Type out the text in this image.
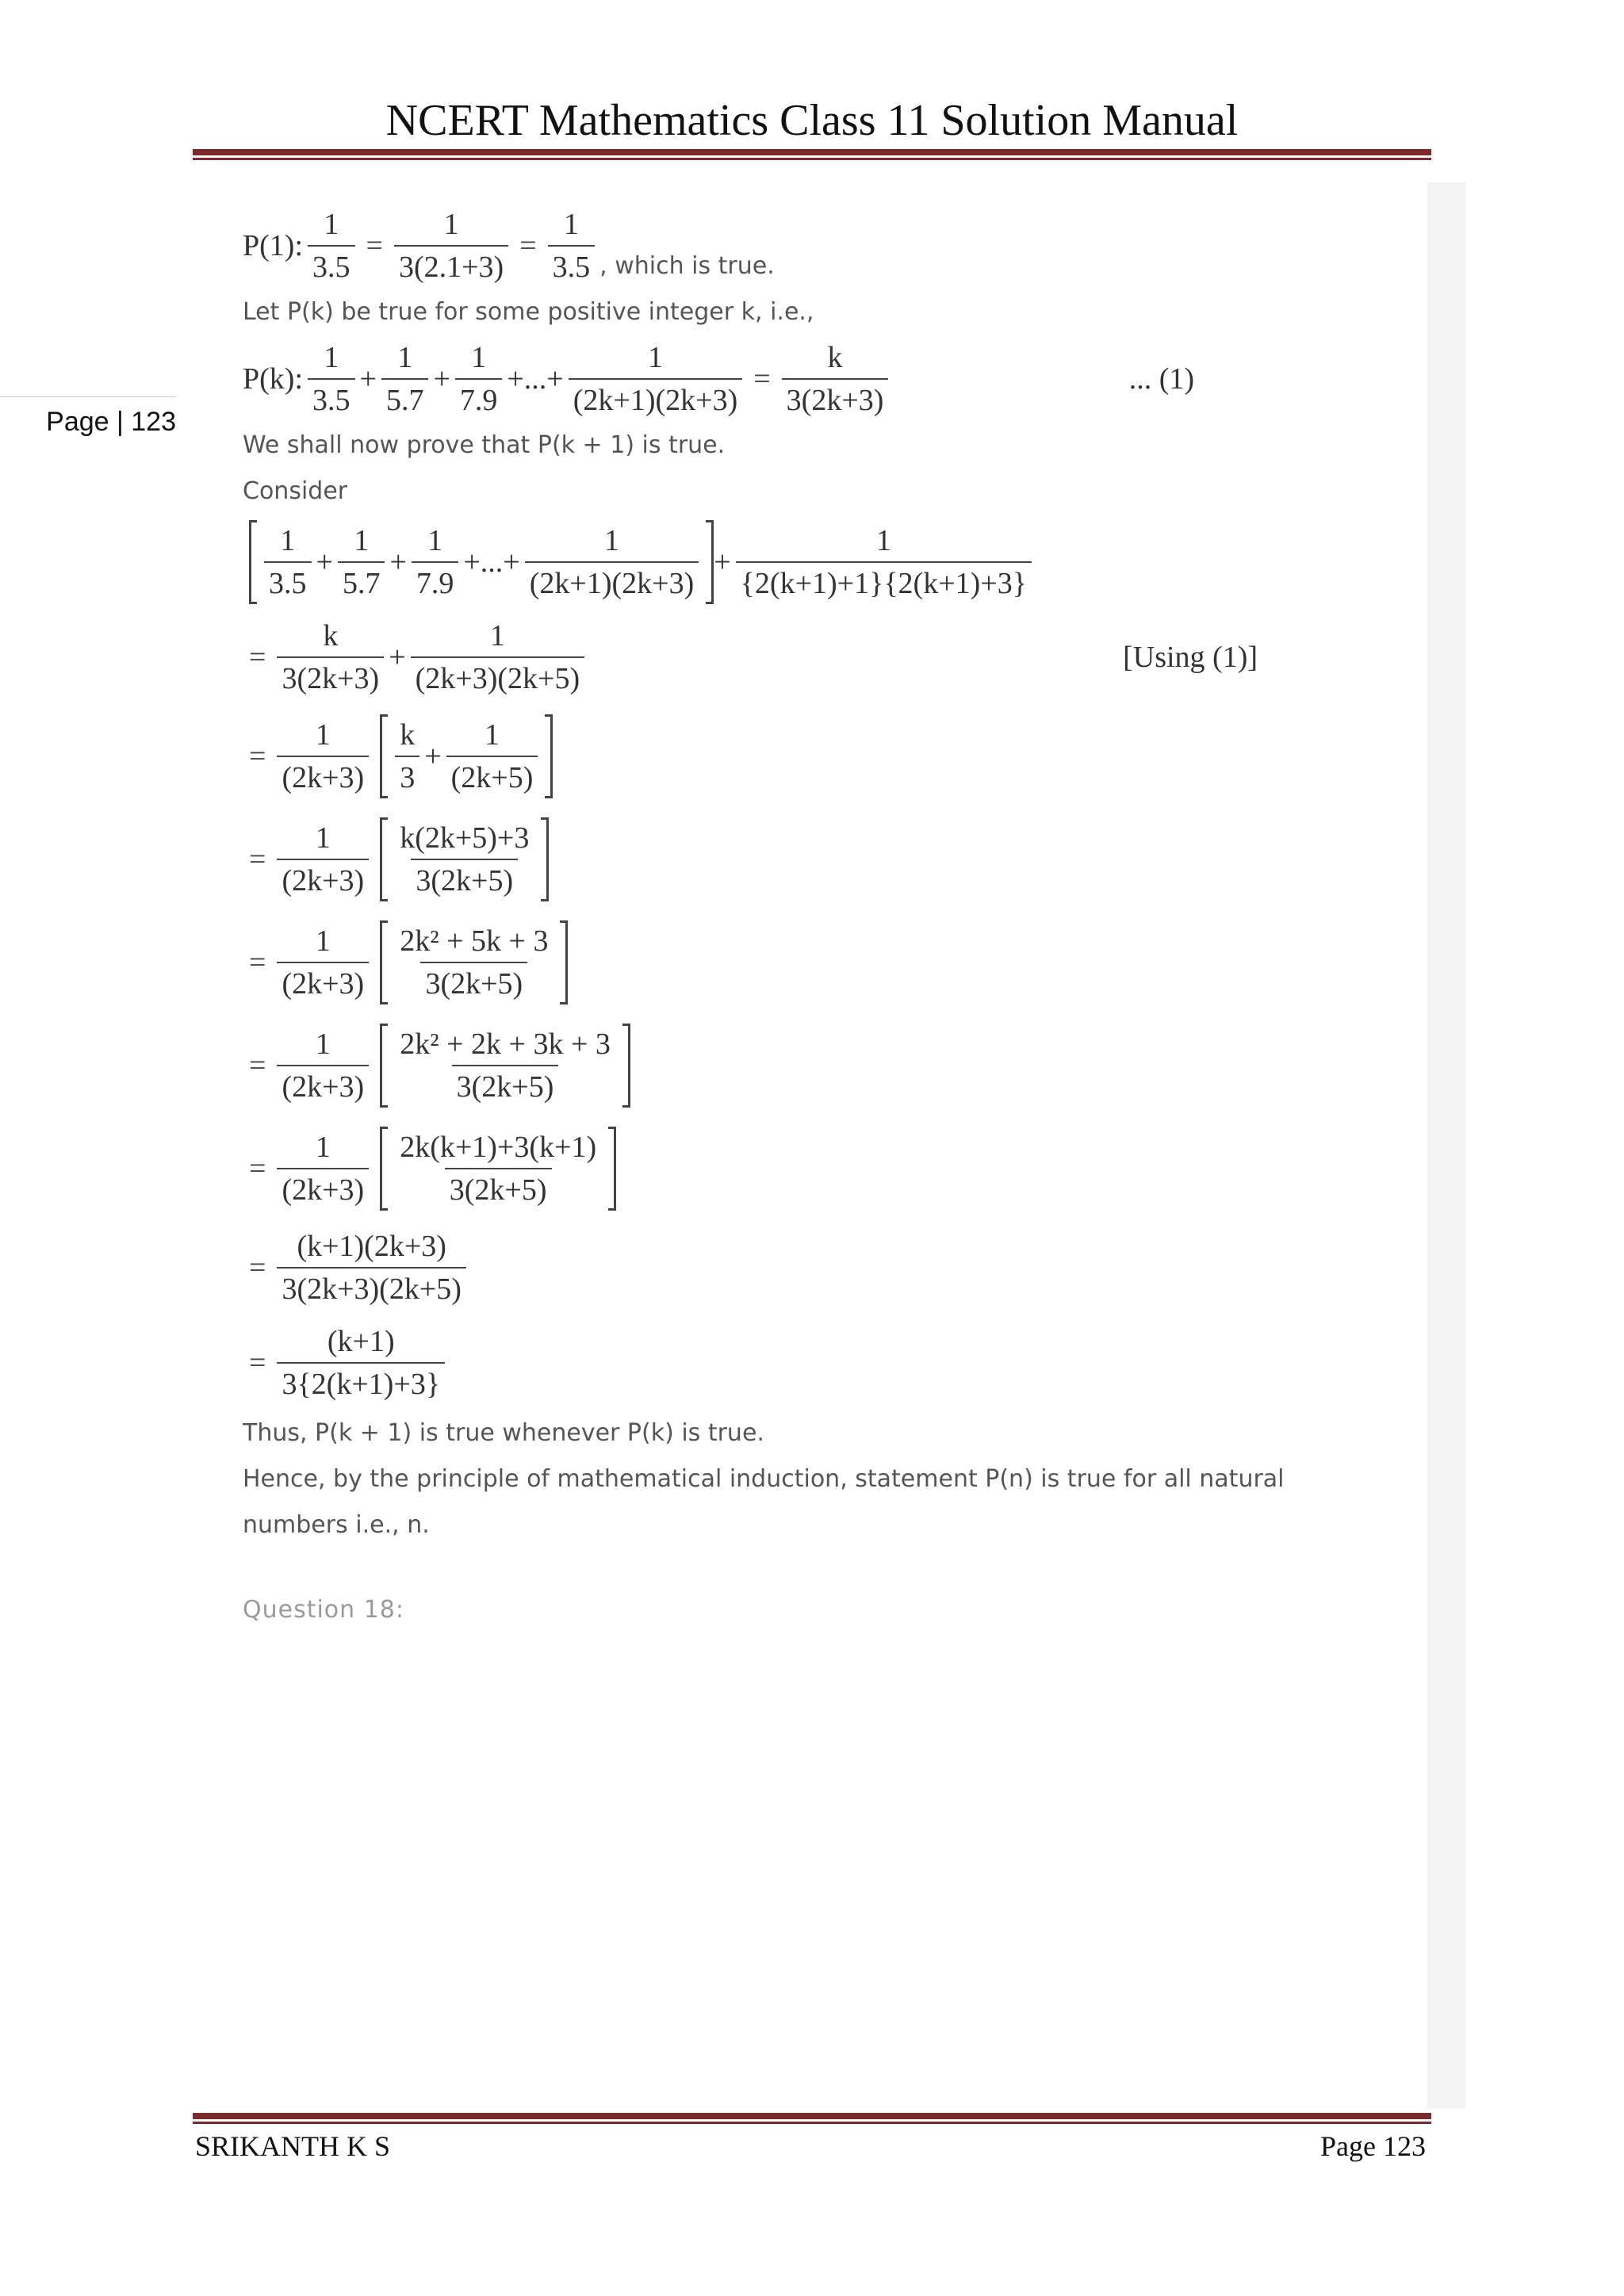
NCERT Mathematics Class 11 Solution Manual
Page | 123
P(1): $\frac{1}{3.5} = \frac{1}{3(2.1+3)} = \frac{1}{3.5}$ , which is true.
Let P(k) be true for some positive integer k, i.e.,
P(k): $\frac{1}{3.5} + \frac{1}{5.7} + \frac{1}{7.9}$ +...+ $\frac{1}{(2k+1)(2k+3)} = \frac{k}{3(2k+3)}$	... (1)
We shall now prove that P(k + 1) is true.
Consider
$\frac{1}{3.5} + \frac{1}{5.7} + \frac{1}{7.9}$ +...+ $\frac{1}{(2k+1)(2k+3)} + \frac{1}{\{2(k+1)+1\}\{2(k+1)+3\}}$
= $\frac{k}{3(2k+3)} + \frac{1}{(2k+3)(2k+5)}$	[Using (1)]
= $\frac{1}{(2k+3)} \frac{k}{3} + \frac{1}{(2k+5)}$
= $\frac{1}{(2k+3)} \frac{k(2k+5)+3}{3(2k+5)}$
= $\frac{1}{(2k+3)} \frac{\text{2k² + 5k + 3}}{3(2k+5)}$
= $\frac{1}{(2k+3)} \frac{\text{2k² + 2k + 3k + 3}}{3(2k+5)}$
= $\frac{1}{(2k+3)} \frac{2k(k+1)+3(k+1)}{3(2k+5)}$
= $\frac{(k+1)(2k+3)}{3(2k+3)(2k+5)}$
= $\frac{(k+1)}{3\{2(k+1)+3\}}$
Thus, P(k + 1) is true whenever P(k) is true.
Hence, by the principle of mathematical induction, statement P(n) is true for all natural numbers i.e., n.
Question 18:
SRIKANTH K S	Page 123
